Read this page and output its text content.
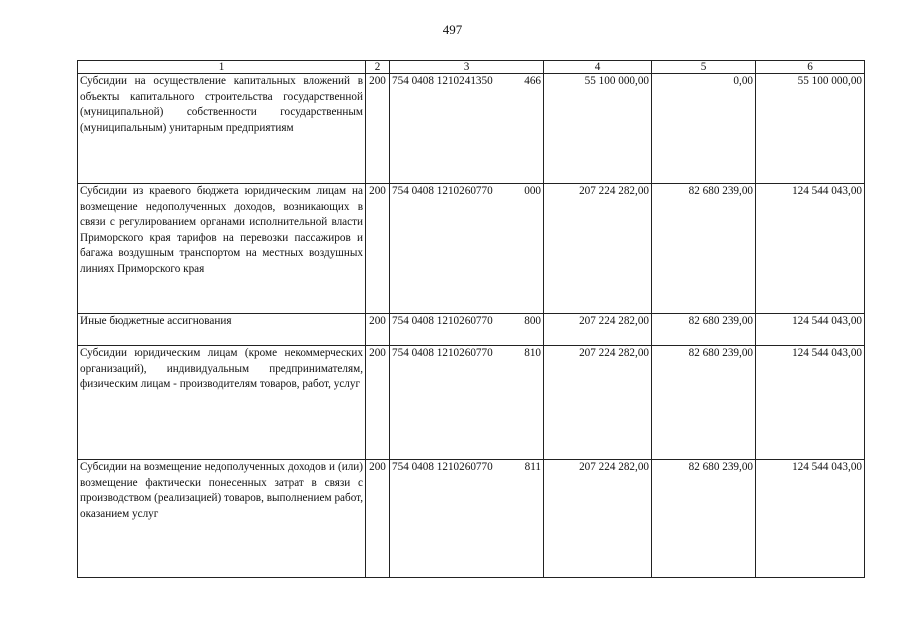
497
1	2	3	4	5	6
Субсидии на осуществление капитальных вложений в объекты капитального строительства государственной (муниципальной) собственности государственным (муниципальным) унитарным предприятиям	200	754 0408 1210241350 466	55 100 000,00	0,00	55 100 000,00
Субсидии из краевого бюджета юридическим лицам на возмещение недополученных доходов, возникающих в связи с регулированием органами исполнительной власти Приморского края тарифов на перевозки пассажиров и багажа воздушным транспортом на местных воздушных линиях Приморского края	200	754 0408 1210260770 000	207 224 282,00	82 680 239,00	124 544 043,00
Иные бюджетные ассигнования	200	754 0408 1210260770 800	207 224 282,00	82 680 239,00	124 544 043,00
Субсидии юридическим лицам (кроме некоммерческих организаций), индивидуальным предпринимателям, физическим лицам - производителям товаров, работ, услуг	200	754 0408 1210260770 810	207 224 282,00	82 680 239,00	124 544 043,00
Субсидии на возмещение недополученных доходов и (или) возмещение фактически понесенных затрат в связи с производством (реализацией) товаров, выполнением работ, оказанием услуг	200	754 0408 1210260770 811	207 224 282,00	82 680 239,00	124 544 043,00
